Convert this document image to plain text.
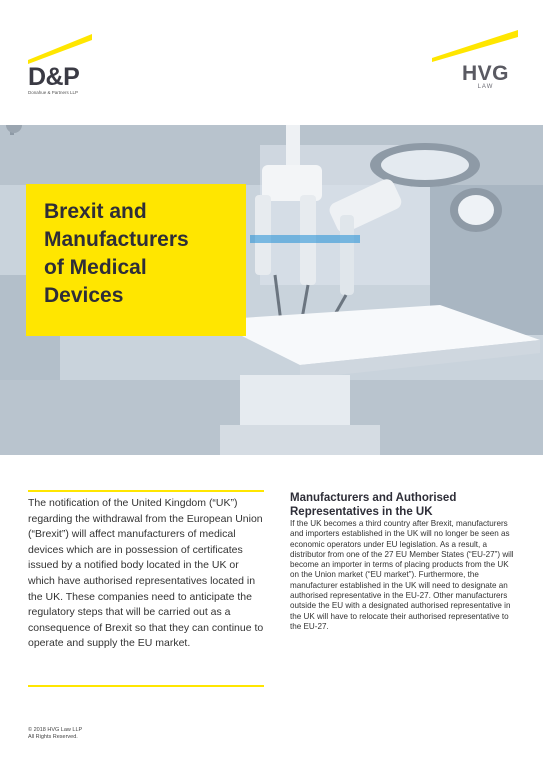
D&P
Donahue & Partners LLP
HVG
LAW
Brexit and
Manufacturers
of Medical
Devices

The notification of the United Kingdom (“UK”) regarding the withdrawal from the European Union (“Brexit”) will affect manufacturers of medical devices which are in possession of certificates issued by a notified body located in the UK or which have authorised representatives located in the UK. These companies need to anticipate the regulatory steps that will be carried out as a consequence of Brexit so that they can continue to operate and supply the EU market.

Manufacturers and Authorised Representatives in the UK

If the UK becomes a third country after Brexit, manufacturers and importers established in the UK will no longer be seen as economic operators under EU legislation. As a result, a distributor from one of the 27 EU Member States (“EU-27”) will become an importer in terms of placing products from the UK on the Union market (“EU market”). Furthermore, the manufacturer established in the UK will need to designate an authorised representative in the EU-27. Other manufacturers outside the EU with a designated authorised representative in the UK will have to relocate their authorised representative to the EU-27.

© 2018 HVG Law LLP
All Rights Reserved.
